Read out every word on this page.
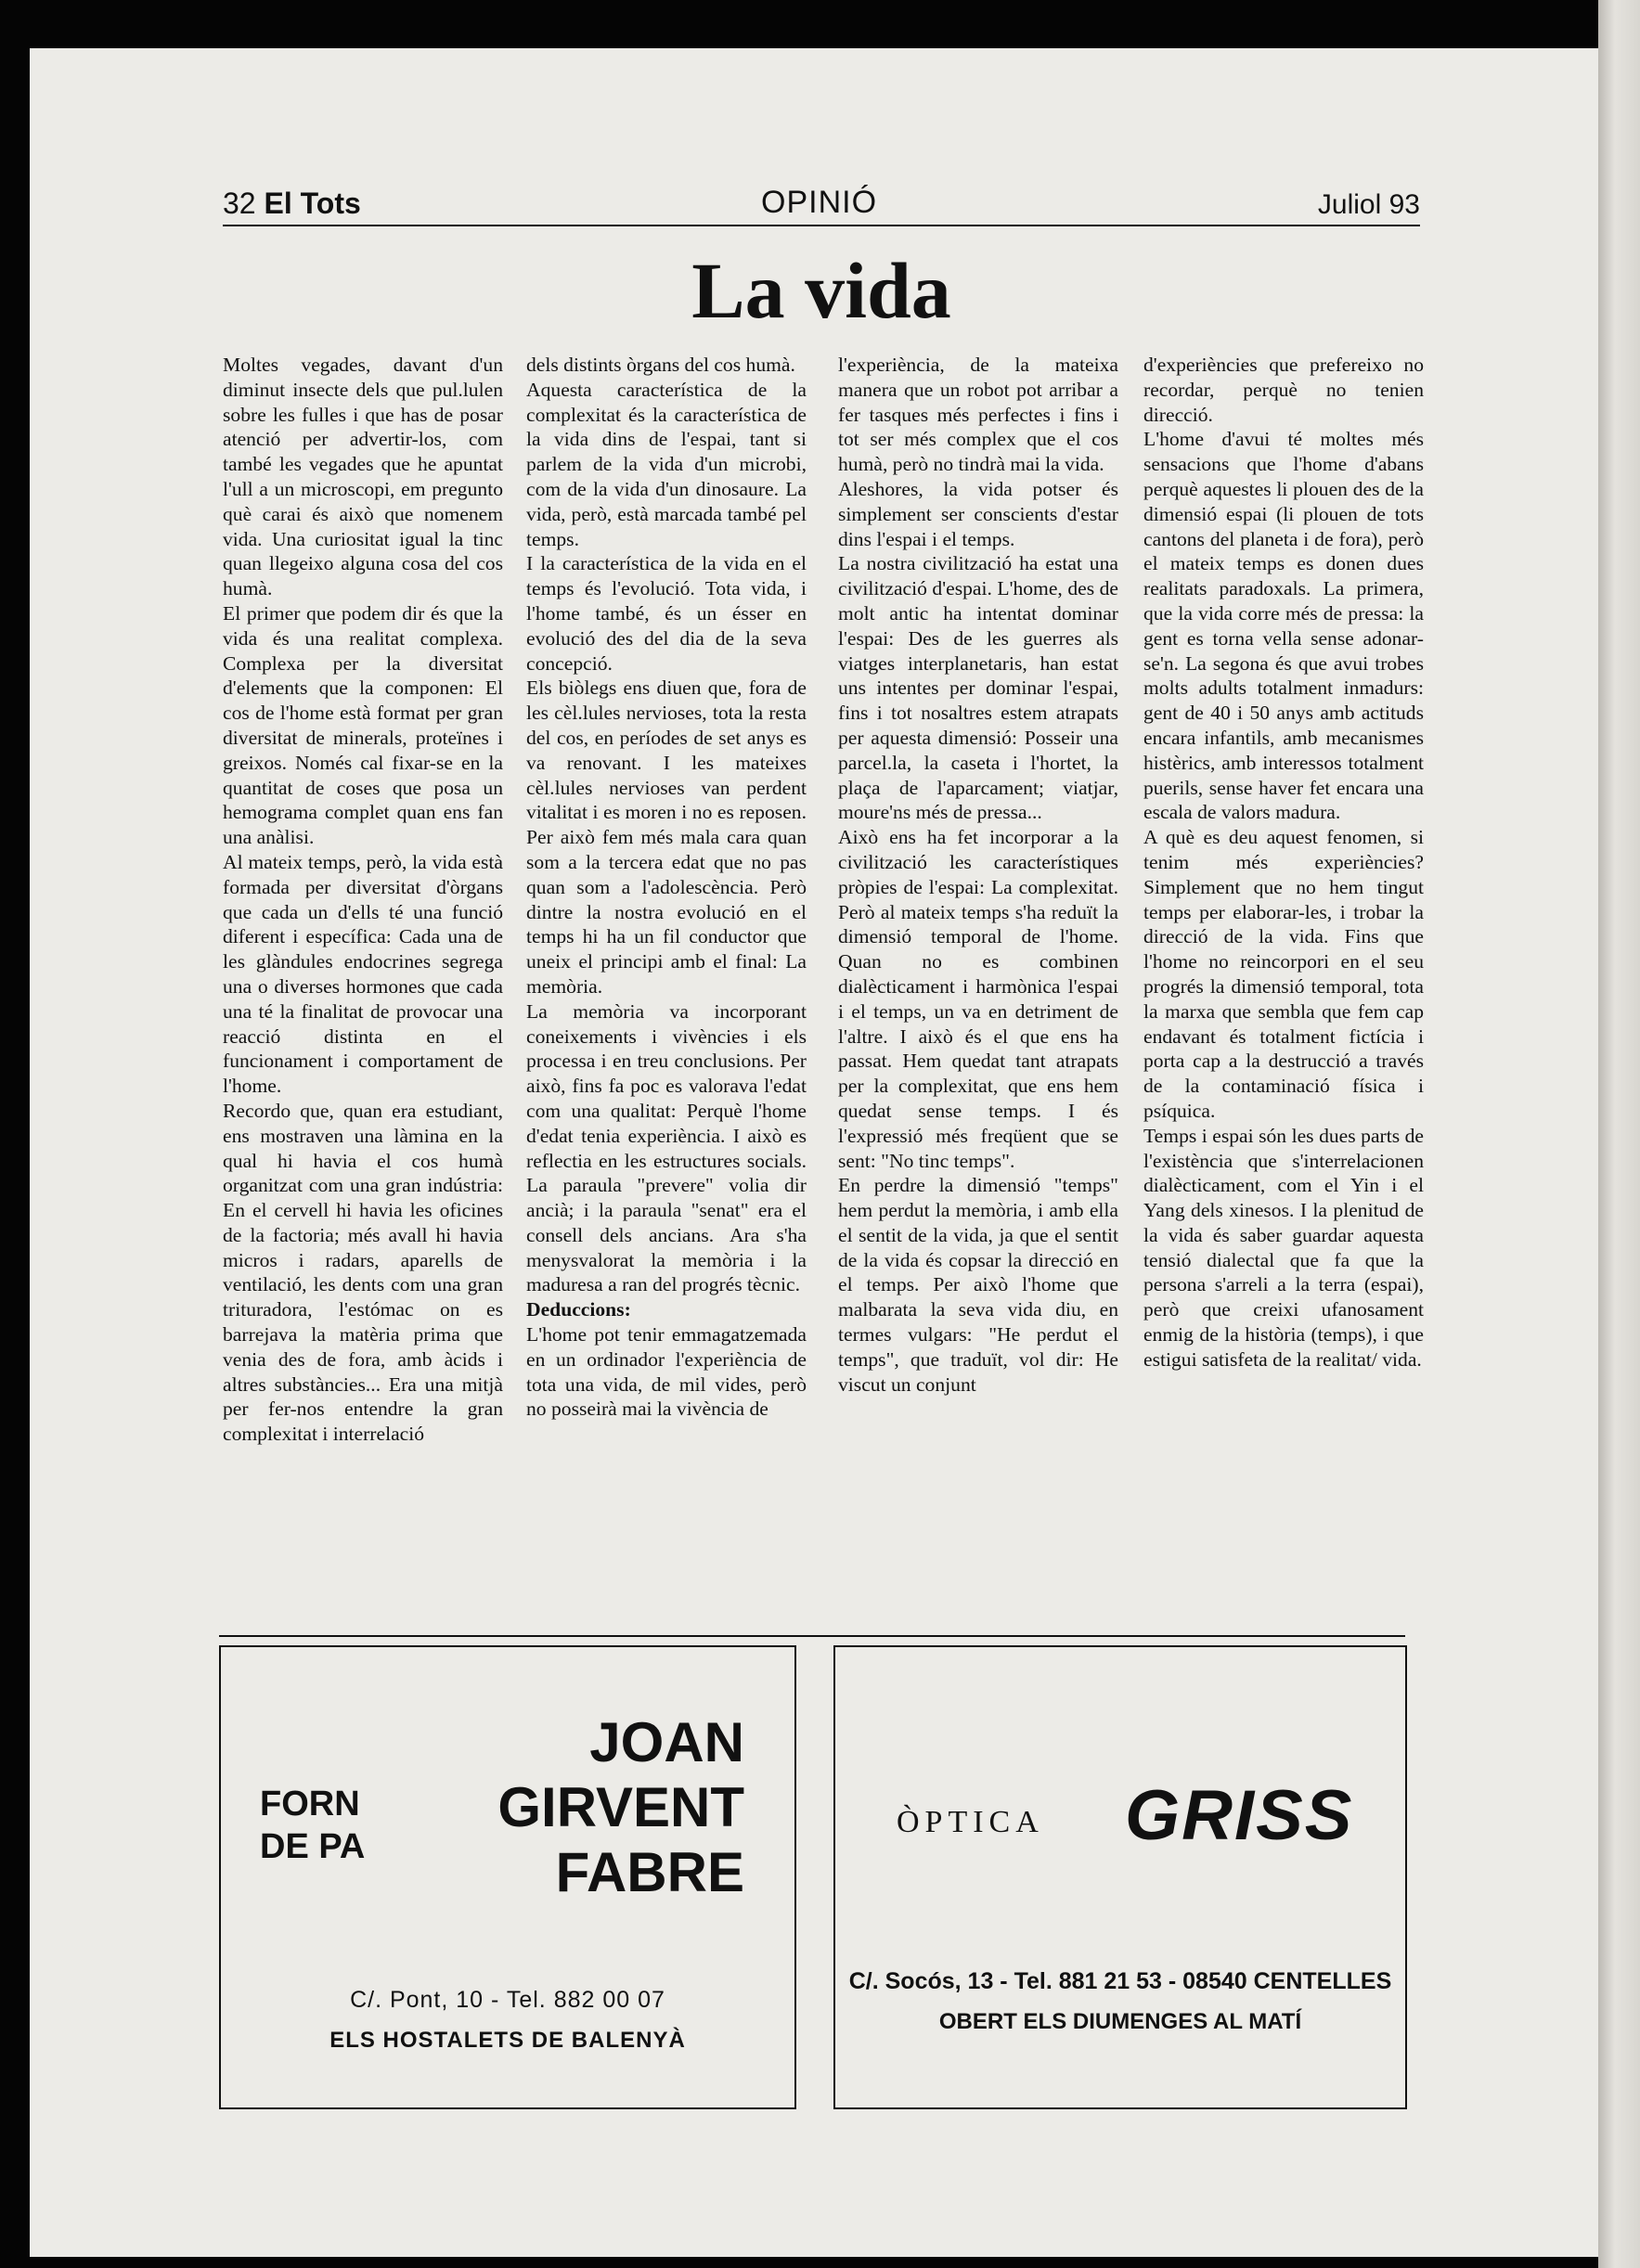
32 El Tots	OPINIÓ	Juliol 93
La vida

Moltes vegades, davant d'un diminut insecte dels que pul.lulen sobre les fulles i que has de posar atenció per advertir-los, com també les vegades que he apuntat l'ull a un microscopi, em pregunto què carai és això que nomenem vida. Una curiositat igual la tinc quan llegeixo alguna cosa del cos humà.

El primer que podem dir és que la vida és una realitat complexa. Complexa per la diversitat d'elements que la componen: El cos de l'home està format per gran diversitat de minerals, proteïnes i greixos. Només cal fixar-se en la quantitat de coses que posa un hemograma complet quan ens fan una anàlisi.

Al mateix temps, però, la vida està formada per diversitat d'òrgans que cada un d'ells té una funció diferent i específica: Cada una de les glàndules endocrines segrega una o diverses hormones que cada una té la finalitat de provocar una reacció distinta en el funcionament i comportament de l'home.

Recordo que, quan era estudiant, ens mostraven una làmina en la qual hi havia el cos humà organitzat com una gran indústria: En el cervell hi havia les oficines de la factoria; més avall hi havia micros i radars, aparells de ventilació, les dents com una gran trituradora, l'estómac on es barrejava la matèria prima que venia des de fora, amb àcids i altres substàncies... Era una mitjà per fer-nos entendre la gran complexitat i interrelació

dels distints òrgans del cos humà.

Aquesta característica de la complexitat és la característica de la vida dins de l'espai, tant si parlem de la vida d'un microbi, com de la vida d'un dinosaure. La vida, però, està marcada també pel temps.

I la característica de la vida en el temps és l'evolució. Tota vida, i l'home també, és un ésser en evolució des del dia de la seva concepció.

Els biòlegs ens diuen que, fora de les cèl.lules nervioses, tota la resta del cos, en períodes de set anys es va renovant. I les mateixes cèl.lules nervioses van perdent vitalitat i es moren i no es reposen. Per això fem més mala cara quan som a la tercera edat que no pas quan som a l'adolescència. Però dintre la nostra evolució en el temps hi ha un fil conductor que uneix el principi amb el final: La memòria.

La memòria va incorporant coneixements i vivències i els processa i en treu conclusions. Per això, fins fa poc es valorava l'edat com una qualitat: Perquè l'home d'edat tenia experiència. I això es reflectia en les estructures socials. La paraula "prevere" volia dir ancià; i la paraula "senat" era el consell dels ancians. Ara s'ha menysvalorat la memòria i la maduresa a ran del progrés tècnic.

Deduccions:

L'home pot tenir emmagatzemada en un ordinador l'experiència de tota una vida, de mil vides, però no posseirà mai la vivència de

l'experiència, de la mateixa manera que un robot pot arribar a fer tasques més perfectes i fins i tot ser més complex que el cos humà, però no tindrà mai la vida.

Aleshores, la vida potser és simplement ser conscients d'estar dins l'espai i el temps.

La nostra civilització ha estat una civilització d'espai. L'home, des de molt antic ha intentat dominar l'espai: Des de les guerres als viatges interplanetaris, han estat uns intentes per dominar l'espai, fins i tot nosaltres estem atrapats per aquesta dimensió: Posseir una parcel.la, la caseta i l'hortet, la plaça de l'aparcament; viatjar, moure'ns més de pressa...

Això ens ha fet incorporar a la civilització les característiques pròpies de l'espai: La complexitat. Però al mateix temps s'ha reduït la dimensió temporal de l'home. Quan no es combinen dialècticament i harmònica l'espai i el temps, un va en detriment de l'altre. I això és el que ens ha passat. Hem quedat tant atrapats per la complexitat, que ens hem quedat sense temps. I és l'expressió més freqüent que se sent: "No tinc temps".

En perdre la dimensió "temps" hem perdut la memòria, i amb ella el sentit de la vida, ja que el sentit de la vida és copsar la direcció en el temps. Per això l'home que malbarata la seva vida diu, en termes vulgars: "He perdut el temps", que traduït, vol dir: He viscut un conjunt

d'experiències que prefereixo no recordar, perquè no tenien direcció.

L'home d'avui té moltes més sensacions que l'home d'abans perquè aquestes li plouen des de la dimensió espai (li plouen de tots cantons del planeta i de fora), però el mateix temps es donen dues realitats paradoxals. La primera, que la vida corre més de pressa: la gent es torna vella sense adonar-se'n. La segona és que avui trobes molts adults totalment inmadurs: gent de 40 i 50 anys amb actituds encara infantils, amb mecanismes histèrics, amb interessos totalment puerils, sense haver fet encara una escala de valors madura.

A què es deu aquest fenomen, si tenim més experiències? Simplement que no hem tingut temps per elaborar-les, i trobar la direcció de la vida. Fins que l'home no reincorpori en el seu progrés la dimensió temporal, tota la marxa que sembla que fem cap endavant és totalment fictícia i porta cap a la destrucció a través de la contaminació física i psíquica.

Temps i espai són les dues parts de l'existència que s'interrelacionen dialècticament, com el Yin i el Yang dels xinesos. I la plenitud de la vida és saber guardar aquesta tensió dialectal que fa que la persona s'arreli a la terra (espai), però que creixi ufanosament enmig de la història (temps), i que estigui satisfeta de la realitat/ vida.

FORN
DE PA
JOAN
GIRVENT
FABRE
C/. Pont, 10 - Tel. 882 00 07
ELS HOSTALETS DE BALENYÀ
ÒPTICA GRISS
C/. Socós, 13 - Tel. 881 21 53 - 08540 CENTELLES
OBERT ELS DIUMENGES AL MATÍ
